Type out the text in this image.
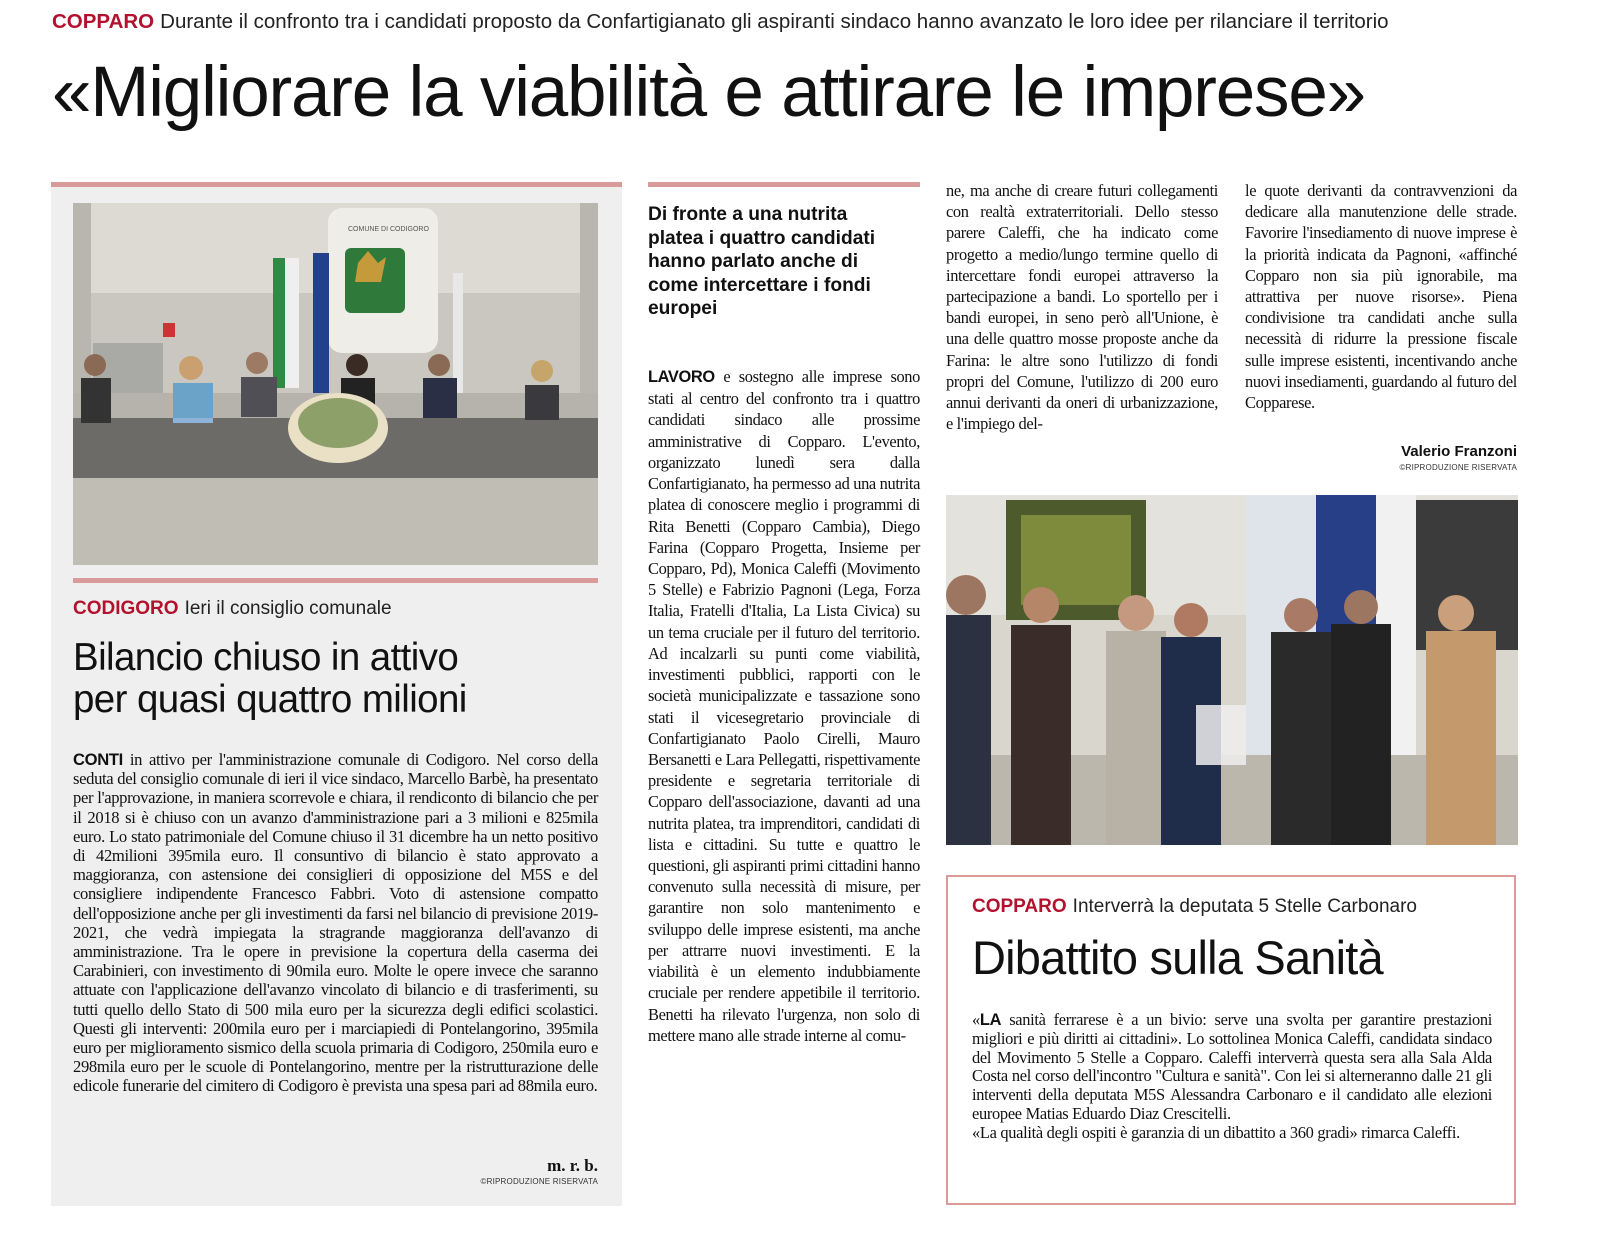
COPPARO Durante il confronto tra i candidati proposto da Confartigianato gli aspiranti sindaco hanno avanzato le loro idee per rilanciare il territorio
«Migliorare la viabilità e attirare le imprese»
COMUNE DI CODIGORO
CODIGORO Ieri il consiglio comunale
Bilancio chiuso in attivo
per quasi quattro milioni
CONTI in attivo per l'amministrazione comunale di Codigoro. Nel corso della seduta del consiglio comunale di ieri il vice sindaco, Marcello Barbè, ha presentato per l'approvazione, in maniera scorrevole e chiara, il rendiconto di bilancio che per il 2018 si è chiuso con un avanzo d'amministrazione pari a 3 milioni e 825mila euro. Lo stato patrimoniale del Comune chiuso il 31 dicembre ha un netto positivo di 42milioni 395mila euro. Il consuntivo di bilancio è stato approvato a maggioranza, con astensione dei consiglieri di opposizione del M5S e del consigliere indipendente Francesco Fabbri. Voto di astensione compatto dell'opposizione anche per gli investimenti da farsi nel bilancio di previsione 2019-2021, che vedrà impiegata la stragrande maggioranza dell'avanzo di amministrazione. Tra le opere in previsione la copertura della caserma dei Carabinieri, con investimento di 90mila euro. Molte le opere invece che saranno attuate con l'applicazione dell'avanzo vincolato di bilancio e di trasferimenti, su tutti quello dello Stato di 500 mila euro per la sicurezza degli edifici scolastici. Questi gli interventi: 200mila euro per i marciapiedi di Pontelangorino, 395mila euro per miglioramento sismico della scuola primaria di Codigoro, 250mila euro e 298mila euro per le scuole di Pontelangorino, mentre per la ristrutturazione delle edicole funerarie del cimitero di Codigoro è prevista una spesa pari ad 88mila euro.
m. r. b.
©RIPRODUZIONE RISERVATA
Di fronte a una nutrita platea i quattro candidati hanno parlato anche di come intercettare i fondi europei
LAVORO e sostegno alle imprese sono stati al centro del confronto tra i quattro candidati sindaco alle prossime amministrative di Copparo. L'evento, organizzato lunedì sera dalla Confartigianato, ha permesso ad una nutrita platea di conoscere meglio i programmi di Rita Benetti (Copparo Cambia), Diego Farina (Copparo Progetta, Insieme per Copparo, Pd), Monica Caleffi (Movimento 5 Stelle) e Fabrizio Pagnoni (Lega, Forza Italia, Fratelli d'Italia, La Lista Civica) su un tema cruciale per il futuro del territorio. Ad incalzarli su punti come viabilità, investimenti pubblici, rapporti con le società municipalizzate e tassazione sono stati il vicesegretario provinciale di Confartigianato Paolo Cirelli, Mauro Bersanetti e Lara Pellegatti, rispettivamente presidente e segretaria territoriale di Copparo dell'associazione, davanti ad una nutrita platea, tra imprenditori, candidati di lista e cittadini. Su tutte e quattro le questioni, gli aspiranti primi cittadini hanno convenuto sulla necessità di misure, per garantire non solo mantenimento e sviluppo delle imprese esistenti, ma anche per attrarre nuovi investimenti. E la viabilità è un elemento indubbiamente cruciale per rendere appetibile il territorio. Benetti ha rilevato l'urgenza, non solo di mettere mano alle strade interne al comu-
ne, ma anche di creare futuri collegamenti con realtà extraterritoriali. Dello stesso parere Caleffi, che ha indicato come progetto a medio/lungo termine quello di intercettare fondi europei attraverso la partecipazione a bandi. Lo sportello per i bandi europei, in seno però all'Unione, è una delle quattro mosse proposte anche da Farina: le altre sono l'utilizzo di fondi propri del Comune, l'utilizzo di 200 euro annui derivanti da oneri di urbanizzazione, e l'impiego del-
le quote derivanti da contravvenzioni da dedicare alla manutenzione delle strade. Favorire l'insediamento di nuove imprese è la priorità indicata da Pagnoni, «affinché Copparo non sia più ignorabile, ma attrattiva per nuove risorse». Piena condivisione tra candidati anche sulla necessità di ridurre la pressione fiscale sulle imprese esistenti, incentivando anche nuovi insediamenti, guardando al futuro del Copparese.
Valerio Franzoni
©RIPRODUZIONE RISERVATA
COPPARO Interverrà la deputata 5 Stelle Carbonaro
Dibattito sulla Sanità
«LA sanità ferrarese è a un bivio: serve una svolta per garantire prestazioni migliori e più diritti ai cittadini». Lo sottolinea Monica Caleffi, candidata sindaco del Movimento 5 Stelle a Copparo. Caleffi interverrà questa sera alla Sala Alda Costa nel corso dell'incontro "Cultura e sanità". Con lei si alterneranno dalle 21 gli interventi della deputata M5S Alessandra Carbonaro e il candidato alle elezioni europee Matias Eduardo Diaz Crescitelli.
«La qualità degli ospiti è garanzia di un dibattito a 360 gradi» rimarca Caleffi.
